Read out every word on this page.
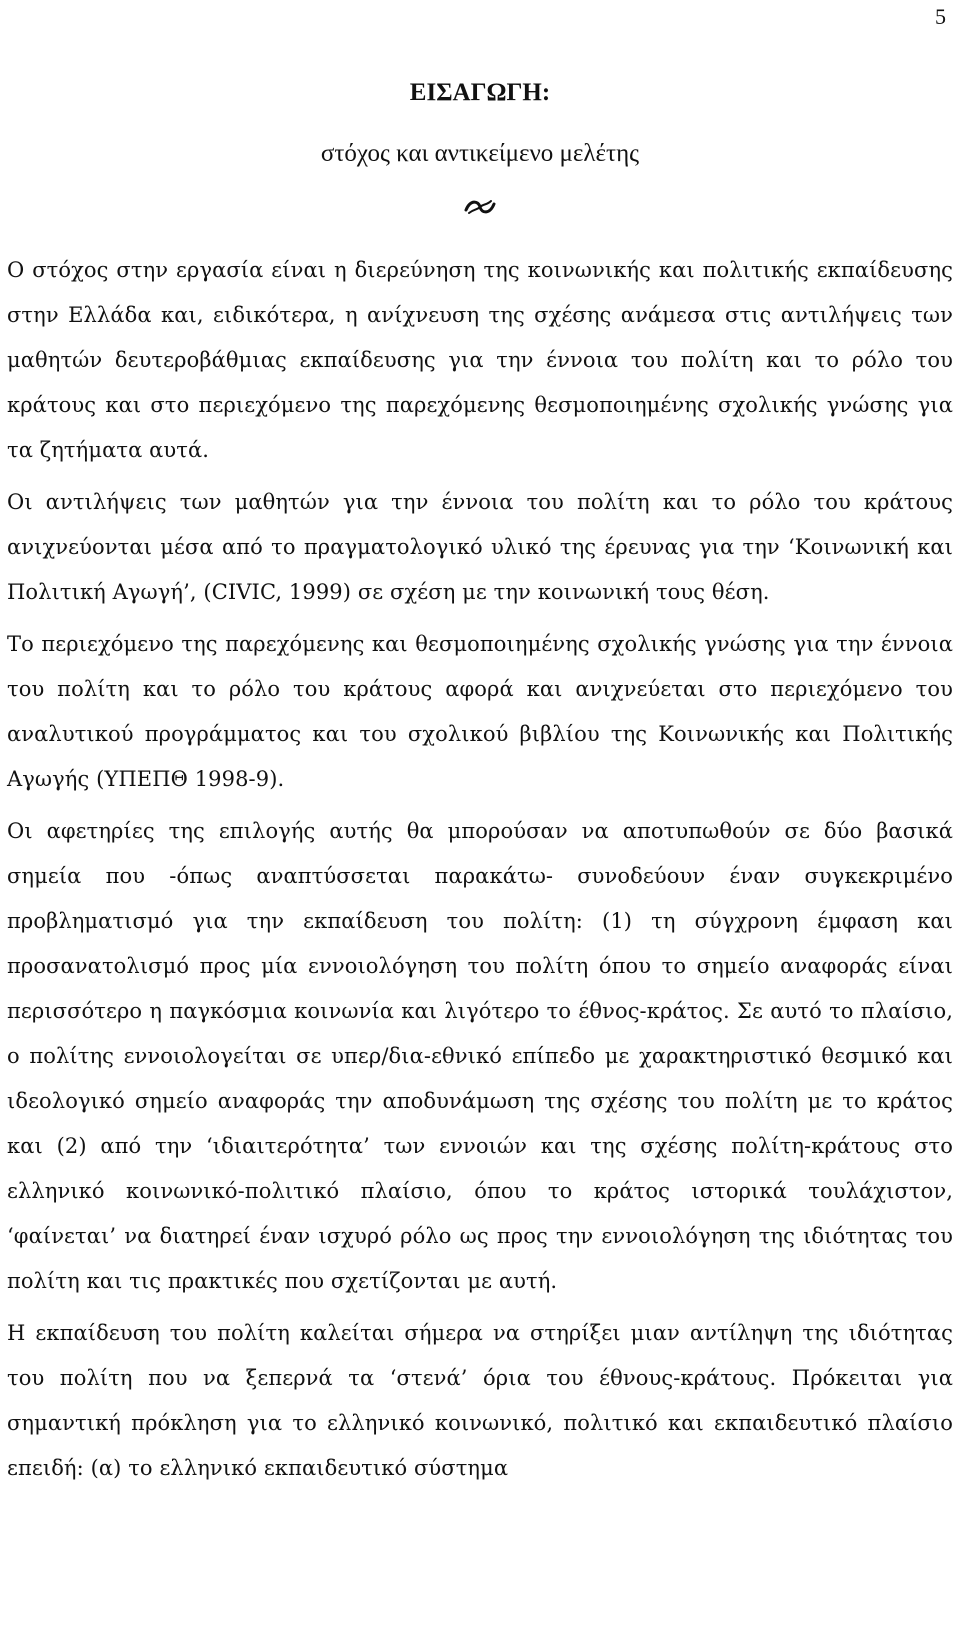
5
ΕΙΣΑΓΩΓΗ:
στόχος και αντικείμενο μελέτης

Ο στόχος στην εργασία είναι η διερεύνηση της κοινωνικής και πολιτικής εκπαίδευσης στην Ελλάδα και, ειδικότερα, η ανίχνευση της σχέσης ανάμεσα στις αντιλήψεις των μαθητών δευτεροβάθμιας εκπαίδευσης για την έννοια του πολίτη και το ρόλο του κράτους και στο περιεχόμενο της παρεχόμενης θεσμοποιημένης σχολικής γνώσης για τα ζητήματα αυτά.

Οι αντιλήψεις των μαθητών για την έννοια του πολίτη και το ρόλο του κράτους ανιχνεύονται μέσα από το πραγματολογικό υλικό της έρευνας για την ‘Κοινωνική και Πολιτική Αγωγή’, (CIVIC, 1999) σε σχέση με την κοινωνική τους θέση.

Το περιεχόμενο της παρεχόμενης και θεσμοποιημένης σχολικής γνώσης για την έννοια του πολίτη και το ρόλο του κράτους αφορά και ανιχνεύεται στο περιεχόμενο του αναλυτικού προγράμματος και του σχολικού βιβλίου της Κοινωνικής και Πολιτικής Αγωγής (ΥΠΕΠΘ 1998-9).

Οι αφετηρίες της επιλογής αυτής θα μπορούσαν να αποτυπωθούν σε δύο βασικά σημεία που -όπως αναπτύσσεται παρακάτω- συνοδεύουν έναν συγκεκριμένο προβληματισμό για την εκπαίδευση του πολίτη: (1) τη σύγχρονη έμφαση και προσανατολισμό προς μία εννοιολόγηση του πολίτη όπου το σημείο αναφοράς είναι περισσότερο η παγκόσμια κοινωνία και λιγότερο το έθνος-κράτος. Σε αυτό το πλαίσιο, ο πολίτης εννοιολογείται σε υπερ/δια-εθνικό επίπεδο με χαρακτηριστικό θεσμικό και ιδεολογικό σημείο αναφοράς την αποδυνάμωση της σχέσης του πολίτη με το κράτος και (2) από την ‘ιδιαιτερότητα’ των εννοιών και της σχέσης πολίτη-κράτους στο ελληνικό κοινωνικό-πολιτικό πλαίσιο, όπου το κράτος ιστορικά τουλάχιστον, ‘φαίνεται’ να διατηρεί έναν ισχυρό ρόλο ως προς την εννοιολόγηση της ιδιότητας του πολίτη και τις πρακτικές που σχετίζονται με αυτή.

Η εκπαίδευση του πολίτη καλείται σήμερα να στηρίξει μιαν αντίληψη της ιδιότητας του πολίτη που να ξεπερνά τα ‘στενά’ όρια του έθνους-κράτους. Πρόκειται για σημαντική πρόκληση για το ελληνικό κοινωνικό, πολιτικό και εκπαιδευτικό πλαίσιο επειδή: (α) το ελληνικό εκπαιδευτικό σύστημα
